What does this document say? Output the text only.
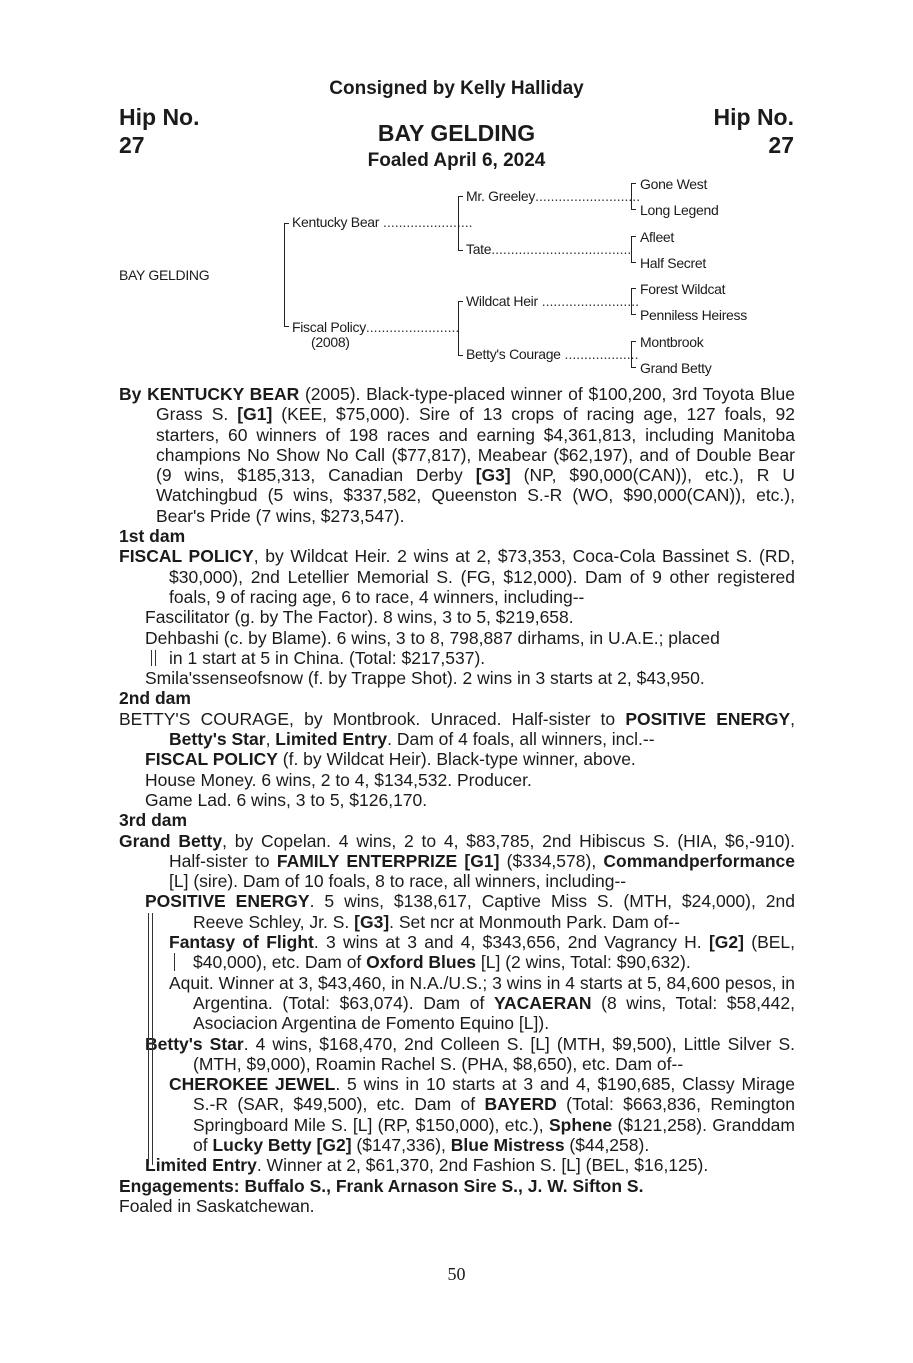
Consigned by Kelly Halliday
Hip No.
27
Hip No.
27
BAY GELDING
Foaled April 6, 2024
BAY GELDING
Kentucky Bear .......................
Fiscal Policy........................
(2008)
Mr. Greeley...........................
Tate....................................
Wildcat Heir .........................
Betty's Courage ...................
Gone West
Long Legend
Afleet
Half Secret
Forest Wildcat
Penniless Heiress
Montbrook
Grand Betty

By KENTUCKY BEAR (2005). Black-type-placed winner of $100,200, 3rd Toyota Blue Grass S. [G1] (KEE, $75,000). Sire of 13 crops of racing age, 127 foals, 92 starters, 60 winners of 198 races and earning $4,361,813, including Manitoba champions No Show No Call ($77,817), Meabear ($62,197), and of Double Bear (9 wins, $185,313, Canadian Derby [G3] (NP, $90,000(CAN)), etc.), R U Watchingbud (5 wins, $337,582, Queenston S.-R (WO, $90,000(CAN)), etc.), Bear's Pride (7 wins, $273,547).

1st dam

FISCAL POLICY, by Wildcat Heir. 2 wins at 2, $73,353, Coca-Cola Bassinet S. (RD, $30,000), 2nd Letellier Memorial S. (FG, $12,000). Dam of 9 other registered foals, 9 of racing age, 6 to race, 4 winners, including--

Fascilitator (g. by The Factor). 8 wins, 3 to 5, $219,658.

Dehbashi (c. by Blame). 6 wins, 3 to 8, 798,887 dirhams, in U.A.E.; placed

in 1 start at 5 in China. (Total: $217,537).

Smila'ssenseofsnow (f. by Trappe Shot). 2 wins in 3 starts at 2, $43,950.

2nd dam

BETTY'S COURAGE, by Montbrook. Unraced. Half-sister to POSITIVE ENERGY, Betty's Star, Limited Entry. Dam of 4 foals, all winners, incl.--

FISCAL POLICY (f. by Wildcat Heir). Black-type winner, above.

House Money. 6 wins, 2 to 4, $134,532. Producer.

Game Lad. 6 wins, 3 to 5, $126,170.

3rd dam

Grand Betty, by Copelan. 4 wins, 2 to 4, $83,785, 2nd Hibiscus S. (HIA, $6,-910). Half-sister to FAMILY ENTERPRIZE [G1] ($334,578), Commandperformance [L] (sire). Dam of 10 foals, 8 to race, all winners, including--

POSITIVE ENERGY. 5 wins, $138,617, Captive Miss S. (MTH, $24,000), 2nd Reeve Schley, Jr. S. [G3]. Set ncr at Monmouth Park. Dam of--

Fantasy of Flight. 3 wins at 3 and 4, $343,656, 2nd Vagrancy H. [G2] (BEL, $40,000), etc. Dam of Oxford Blues [L] (2 wins, Total: $90,632).

Aquit. Winner at 3, $43,460, in N.A./U.S.; 3 wins in 4 starts at 5, 84,600 pesos, in Argentina. (Total: $63,074). Dam of YACAERAN (8 wins, Total: $58,442, Asociacion Argentina de Fomento Equino [L]).

Betty's Star. 4 wins, $168,470, 2nd Colleen S. [L] (MTH, $9,500), Little Silver S. (MTH, $9,000), Roamin Rachel S. (PHA, $8,650), etc. Dam of--

CHEROKEE JEWEL. 5 wins in 10 starts at 3 and 4, $190,685, Classy Mirage S.-R (SAR, $49,500), etc. Dam of BAYERD (Total: $663,836, Remington Springboard Mile S. [L] (RP, $150,000), etc.), Sphene ($121,258). Granddam of Lucky Betty [G2] ($147,336), Blue Mistress ($44,258).

Limited Entry. Winner at 2, $61,370, 2nd Fashion S. [L] (BEL, $16,125).

Engagements: Buffalo S., Frank Arnason Sire S., J. W. Sifton S.

Foaled in Saskatchewan.

50
